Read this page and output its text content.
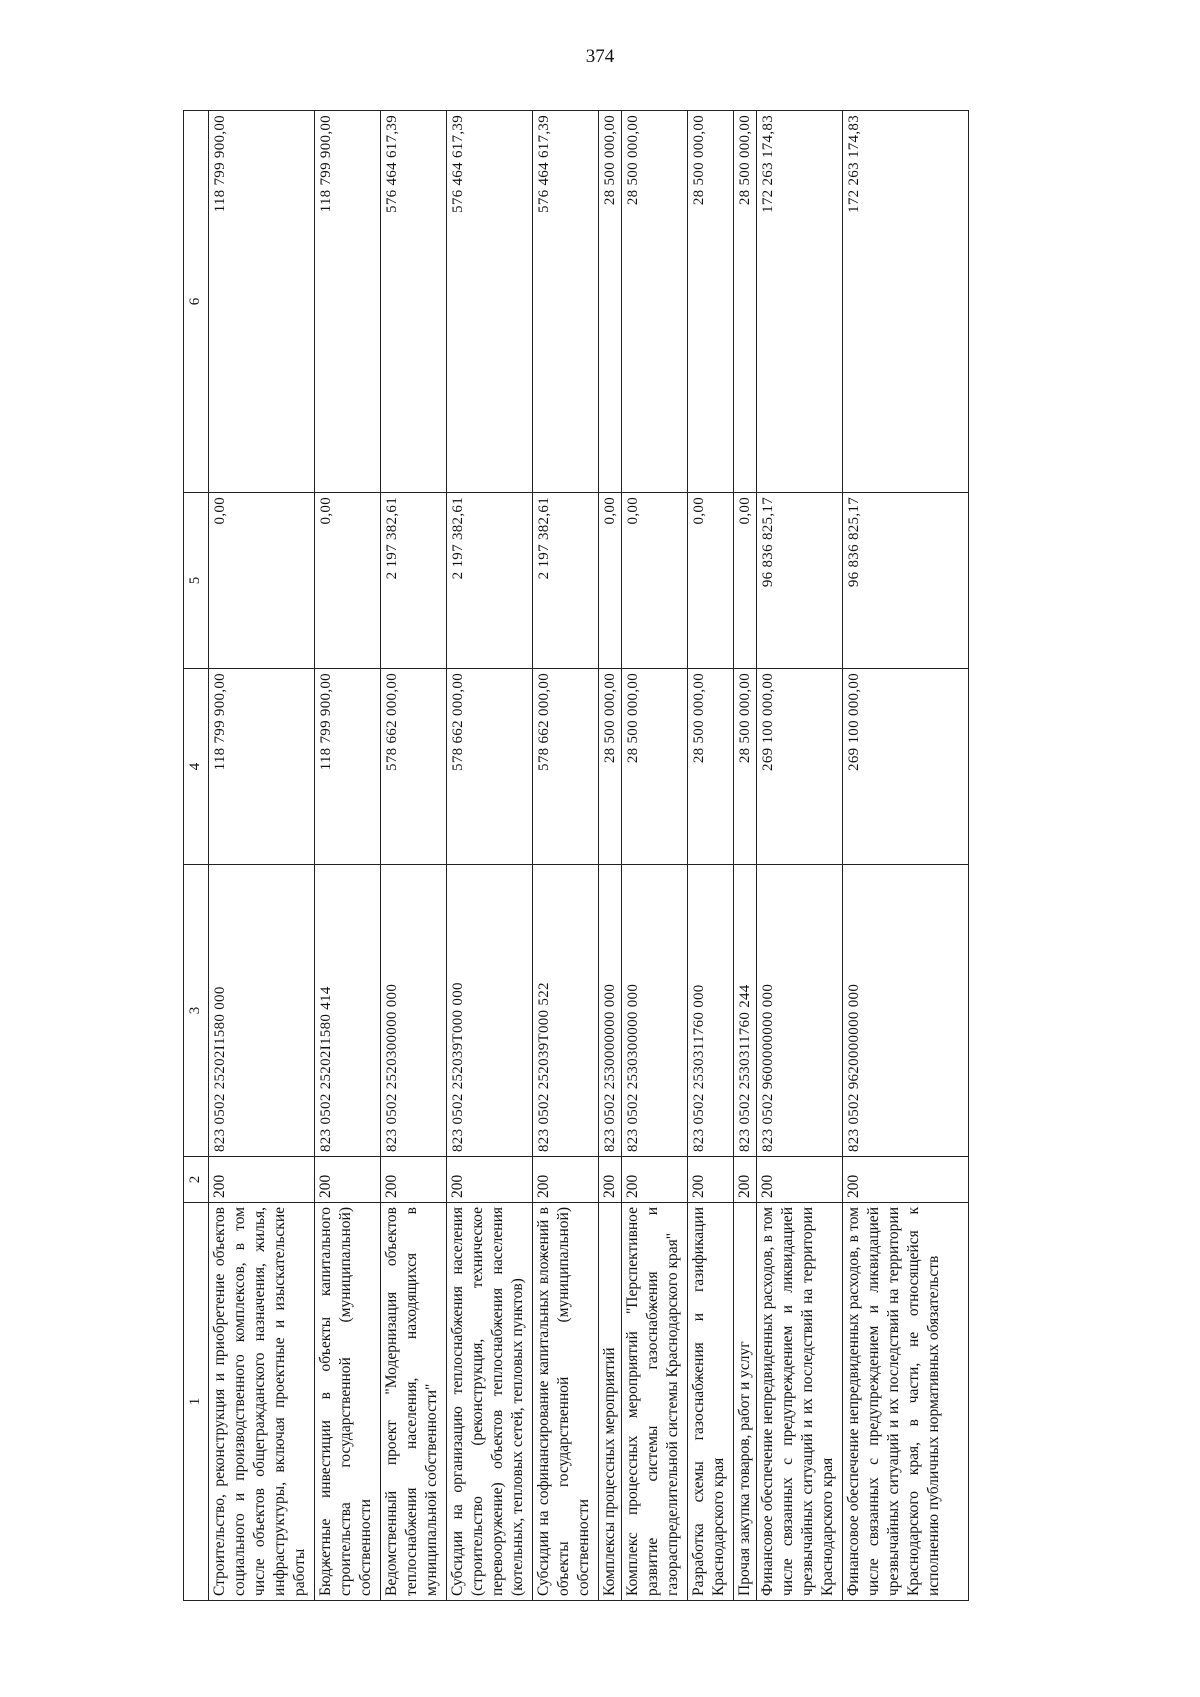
374
1	2	3	4	5	6
Строительство, реконструкция и приобретение объектов социального и производственного комплексов, в том числе объектов общегражданского назначения, жилья, инфраструктуры, включая проектные и изыскательские работы	200	823 0502 25202I1580 000	118 799 900,00	0,00	118 799 900,00
Бюджетные инвестиции в объекты капитального строительства государственной (муниципальной) собственности	200	823 0502 25202I1580 414	118 799 900,00	0,00	118 799 900,00
Ведомственный проект "Модернизация объектов теплоснабжения населения, находящихся в муниципальной собственности"	200	823 0502 2520300000 000	578 662 000,00	2 197 382,61	576 464 617,39
Субсидии на организацию теплоснабжения населения (строительство (реконструкция, техническое перевооружение) объектов теплоснабжения населения (котельных, тепловых сетей, тепловых пунктов)	200	823 0502 252039T000 000	578 662 000,00	2 197 382,61	576 464 617,39
Субсидии на софинансирование капитальных вложений в объекты государственной (муниципальной) собственности	200	823 0502 252039T000 522	578 662 000,00	2 197 382,61	576 464 617,39
Комплексы процессных мероприятий	200	823 0502 2530000000 000	28 500 000,00	0,00	28 500 000,00
Комплекс процессных мероприятий "Перспективное развитие системы газоснабжения и газораспределительной системы Краснодарского края"	200	823 0502 2530300000 000	28 500 000,00	0,00	28 500 000,00
Разработка схемы газоснабжения и газификации Краснодарского края	200	823 0502 2530311760 000	28 500 000,00	0,00	28 500 000,00
Прочая закупка товаров, работ и услуг	200	823 0502 2530311760 244	28 500 000,00	0,00	28 500 000,00
Финансовое обеспечение непредвиденных расходов, в том числе связанных с предупреждением и ликвидацией чрезвычайных ситуаций и их последствий на территории Краснодарского края	200	823 0502 9600000000 000	269 100 000,00	96 836 825,17	172 263 174,83
Финансовое обеспечение непредвиденных расходов, в том числе связанных с предупреждением и ликвидацией чрезвычайных ситуаций и их последствий на территории Краснодарского края, в части, не относящейся к исполнению публичных нормативных обязательств	200	823 0502 9620000000 000	269 100 000,00	96 836 825,17	172 263 174,83
